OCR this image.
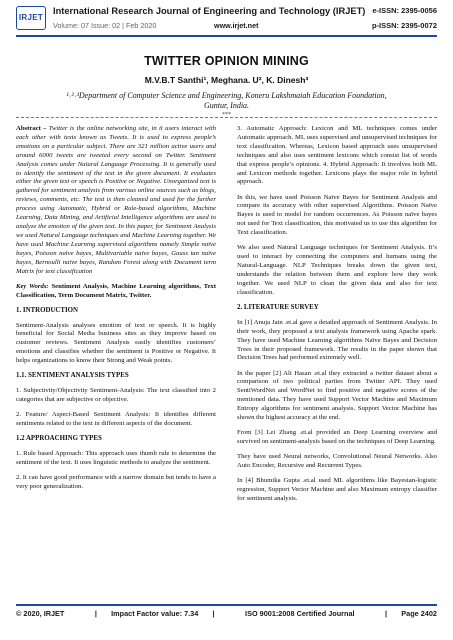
IRJET
International Research Journal of Engineering and Technology (IRJET)
Volume: 07 Issue: 02 | Feb 2020	www.irjet.net
e-ISSN: 2395-0056
p-ISSN: 2395-0072
TWITTER OPINION MINING
M.V.B.T Santhi¹, Meghana. U², K. Dinesh³
¹˒²˒³Department of Computer Science and Engineering, Koneru Lakshmaiah Education Foundation, Guntur, India.
***

Abstract – Twitter is the online networking site, in it users interact with each other with texts known as Tweets. It is used to express people’s emotions on a particular subject. There are 321 million active users and around 6000 tweets are tweeted every second on Twitter. Sentiment Analysis comes under Natural Language Processing. It is generally used to identify the sentiment of the text in the given document. It evaluates either the given text or speech is Positive or Negative. Unorganized text is gathered for sentiment analysis from various online sources such as blogs, reviews, comments, etc. The text is then cleaned and used for the further process using Automatic, Hybrid or Rule-based algorithms, Machine Learning, Data Mining, and Artificial Intelligence algorithms are used to analyze the emotion of the given text. In this paper, for Sentiment Analysis we used Natural Language techniques and Machine Learning together. We have used Machine Learning supervised algorithms namely Simple naïve bayes, Poisson naïve bayes, Multivariable naïve bayes, Gauss ian naïve bayes, Bernoulli naïve bayes, Random Forest along with Document term Matrix for text classification

Key Words: Sentiment Analysis, Machine Learning algorithms, Text Classification, Term Document Matrix, Twitter.

1. INTRODUCTION

Sentiment-Analysis analyses emotion of text or speech. It is highly beneficial for Social Media business sites as they improve based on customer reviews. Sentiment Analysis easily identifies customers’ emotions and classifies whether the sentiment is Positive or Negative. It helps organizations to know their Strong and Weak points.

1.1. SENTIMENT ANALYSIS TYPES

1. Subjectivity/Objectivity Sentiment-Analysis: The text classified into 2 categories that are subjective or objective.

2. Feature/ Aspect-Based Sentiment Analysis: It identifies different sentiments related to the text in different aspects of the document.

1.2 APPROACHING TYPES

1. Rule based Approach: This approach uses thumb rule to determine the sentiment of the text. It uses linguistic methods to analyze the sentiment.

2. It can have good performance with a narrow domain but tends to have a very poor generalization.

3. Automatic Approach: Lexicon and ML techniques comes under Automatic approach. ML uses supervised and unsupervised techniques for text classification. Whereas, Lexicon based approach uses unsupervised techniques and also uses sentiment lexicons which consist list of words that express people’s opinions. 4. Hybrid Approach: It involves both ML and Lexicon methods together. Lexicons plays the major role in hybrid approach.

In this, we have used Poisson Naïve Bayes for Sentiment Analysis and compare its accuracy with other supervised Algorithms. Poisson Naïve Bayes is used to model for random occurrences. As Poisson naïve bayes not used for Text classification, this motivated us to use this algorithm for Text classification.

We also used Natural Language techniques for Sentiment Analysis. It’s used to interact by connecting the computers and humans using the Natural-Language. NLP Techniques breaks down the given text, understands the relation between them and explore how they work together. We used NLP to clean the given data and also for text classification.

2. LITERATURE SURVEY

In [1] Anuja Jain .et.al gave a detailed approach of Sentiment Analysis. In their work, they proposed a text analysis framework using Apache spark. They have used Machine Learning algorithms Naïve Bayes and Decision Trees in their proposed framework. The results in the paper shown that Decision Trees had performed extremely well.

In the paper [2] Ali Hasan .et.al they extracted a twitter dataset about a comparison of two political parties from Twitter API. They used SentiWordNet and WordNet to find positive and negative scores of the mentioned data. They have used Support Vector Machine and Maximum Entropy algorithms for sentiment analysis. Support Vector Machine has shown the highest accuracy at the end.

From [3] Lei Zhang .et.al provided an Deep Learning overview and survived on sentiment-analysis based on the techniques of Deep Learning.

They have used Neural networks, Convolutional Neural Networks. Also Auto Encoder, Recursive and Recurrent Types.

In [4] Bhumika Gupta .et.al used ML algorithms like Bayesian-logistic regression, Support Vector Machine and also Maximum entropy classifier for sentiment analysis.

© 2020, IRJET	|       Impact Factor value: 7.34       |	ISO 9001:2008 Certified Journal	|       Page 2402
